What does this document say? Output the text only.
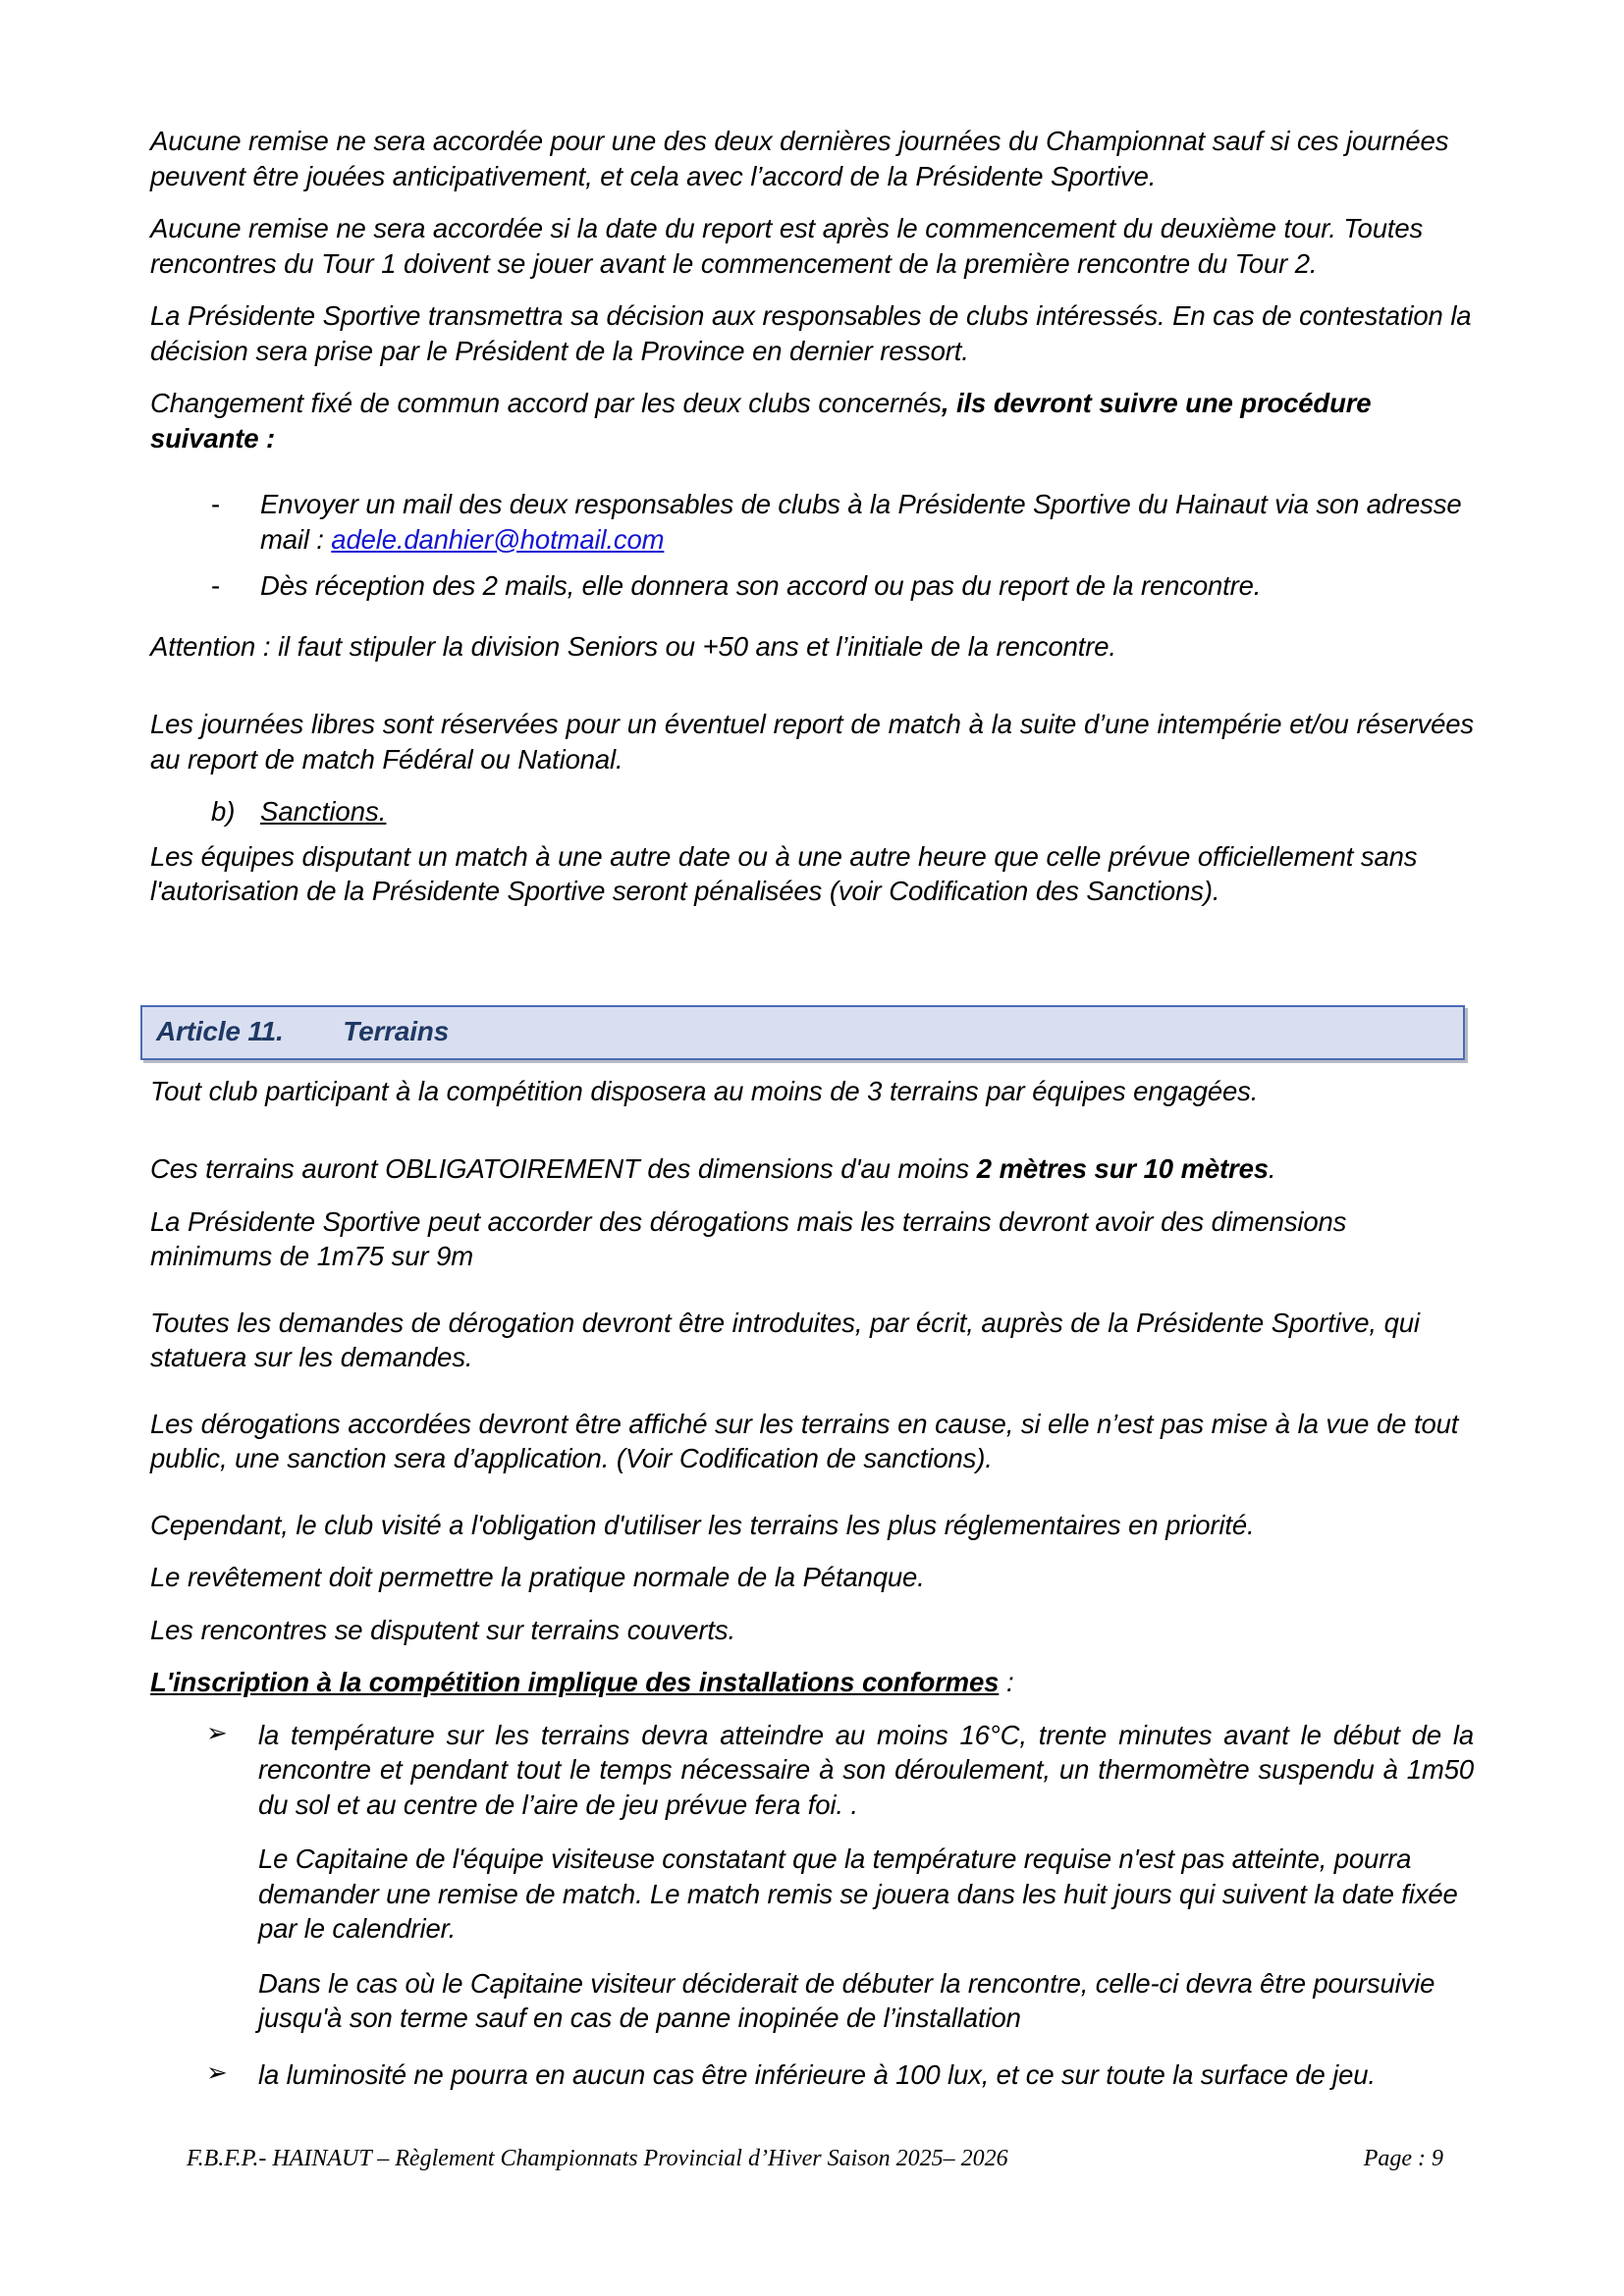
Aucune remise ne sera accordée pour une des deux dernières journées du Championnat sauf si ces journées peuvent être jouées anticipativement, et cela avec l’accord de la Présidente Sportive.

Aucune remise ne sera accordée si la date du report est après le commencement du deuxième tour. Toutes rencontres du Tour 1 doivent se jouer avant le commencement de la première rencontre du Tour 2.

La Présidente Sportive transmettra sa décision aux responsables de clubs intéressés. En cas de contestation la décision sera prise par le Président de la Province en dernier ressort.

Changement fixé de commun accord par les deux clubs concernés, ils devront suivre une procédure suivante :

- Envoyer un mail des deux responsables de clubs à la Présidente Sportive du Hainaut via son adresse mail : adele.danhier@hotmail.com
- Dès réception des 2 mails, elle donnera son accord ou pas du report de la rencontre.

Attention : il faut stipuler la division Seniors ou +50 ans et l’initiale de la rencontre.

Les journées libres sont réservées pour un éventuel report de match à la suite d’une intempérie et/ou réservées au report de match Fédéral ou National.

b) Sanctions.

Les équipes disputant un match à une autre date ou à une autre heure que celle prévue officiellement sans l'autorisation de la Présidente Sportive seront pénalisées (voir Codification des Sanctions).

Article 11. Terrains

Tout club participant à la compétition disposera au moins de 3 terrains par équipes engagées.

Ces terrains auront OBLIGATOIREMENT des dimensions d'au moins 2 mètres sur 10 mètres.

La Présidente Sportive peut accorder des dérogations mais les terrains devront avoir des dimensions minimums de 1m75 sur 9m

Toutes les demandes de dérogation devront être introduites, par écrit, auprès de la Présidente Sportive, qui statuera sur les demandes.

Les dérogations accordées devront être affiché sur les terrains en cause, si elle n’est pas mise à la vue de tout public, une sanction sera d’application. (Voir Codification de sanctions).

Cependant, le club visité a l'obligation d'utiliser les terrains les plus réglementaires en priorité.

Le revêtement doit permettre la pratique normale de la Pétanque.

Les rencontres se disputent sur terrains couverts.

L'inscription à la compétition implique des installations conformes :

➢ la température sur les terrains devra atteindre au moins 16°C, trente minutes avant le début de la rencontre et pendant tout le temps nécessaire à son déroulement, un thermomètre suspendu à 1m50 du sol et au centre de l’aire de jeu prévue fera foi. .
Le Capitaine de l'équipe visiteuse constatant que la température requise n'est pas atteinte, pourra demander une remise de match. Le match remis se jouera dans les huit jours qui suivent la date fixée par le calendrier.
Dans le cas où le Capitaine visiteur déciderait de débuter la rencontre, celle-ci devra être poursuivie jusqu'à son terme sauf en cas de panne inopinée de l’installation
➢ la luminosité ne pourra en aucun cas être inférieure à 100 lux, et ce sur toute la surface de jeu.
F.B.F.P.- HAINAUT – Règlement Championnats Provincial d’Hiver Saison 2025– 2026	Page : 9
